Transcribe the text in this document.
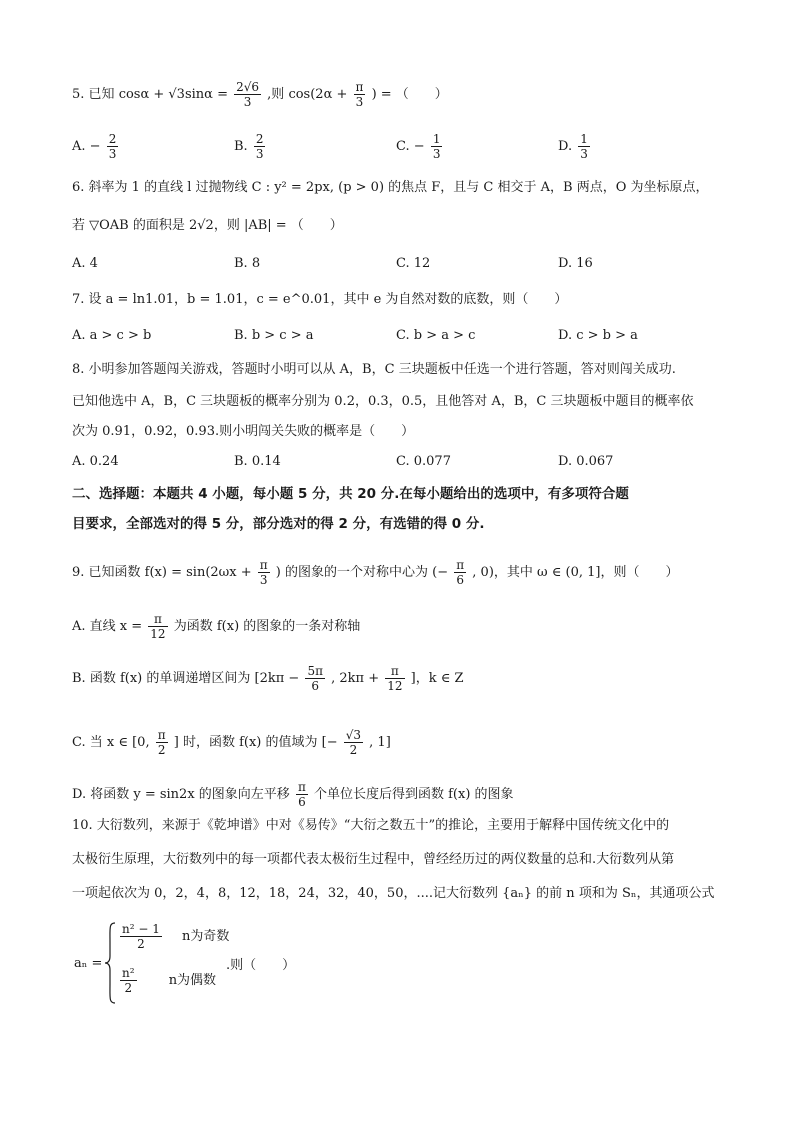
5. 已知 $\cos\alpha + √3\sin\alpha = \frac{2√6}{3}$ ,则 $\cos(2\alpha + \frac{\pi}{3}$ ) = （　　）
A. − $\frac{2}{3}$	B. $\frac{2}{3}$	C. − $\frac{1}{3}$	D. $\frac{1}{3}$
6. 斜率为 1 的直线 l 过抛物线 C : y² = 2px, (p > 0) 的焦点 F，且与 C 相交于 A，B 两点，O 为坐标原点，
若 ▽OAB 的面积是 2√2，则 |AB| = （　　）
A. 4	B. 8	C. 12	D. 16
7. 设 a = ln1.01，b = 1.01，c = e^0.01，其中 e 为自然对数的底数，则（　　）
A. a > c > b	B. b > c > a	C. b > a > c	D. c > b > a
8. 小明参加答题闯关游戏，答题时小明可以从 A，B，C 三块题板中任选一个进行答题，答对则闯关成功.
已知他选中 A，B，C 三块题板的概率分别为 0.2，0.3，0.5，且他答对 A，B，C 三块题板中题目的概率依
次为 0.91，0.92，0.93.则小明闯关失败的概率是（　　）
A. 0.24	B. 0.14	C. 0.077	D. 0.067
二、选择题：本题共 4 小题，每小题 5 分，共 20 分.在每小题给出的选项中，有多项符合题
目要求，全部选对的得 5 分，部分选对的得 2 分，有选错的得 0 分.
9. 已知函数 $f(x) = \sin(2\omega x + \frac{\pi}{3}$ ) 的图象的一个对称中心为 (− $\frac{\pi}{6}$ , 0)，其中 ω ∈ (0, 1]，则（　　）
A. 直线 $x = \frac{\pi}{12}$ 为函数 f(x) 的图象的一条对称轴
B. 函数 f(x) 的单调递增区间为 [$2k\pi - \frac{5\pi}{6}$ , $2k\pi + \frac{\pi}{12}$ ]，k ∈ Z
C. 当 x ∈ [0, $\frac{\pi}{2}$ ] 时，函数 f(x) 的值域为 [− $\frac{√3}{2}$ , 1]
D. 将函数 y = sin2x 的图象向左平移 $\frac{\pi}{6}$ 个单位长度后得到函数 f(x) 的图象
10. 大衍数列，来源于《乾坤谱》中对《易传》“大衍之数五十”的推论，主要用于解释中国传统文化中的
太极衍生原理，大衍数列中的每一项都代表太极衍生过程中，曾经经历过的两仪数量的总和.大衍数列从第
一项起依次为 0，2，4，8，12，18，24，32，40，50，....记大衍数列 {aₙ} 的前 n 项和为 Sₙ，其通项公式
aₙ =
$\frac{\text{n² − 1}}{2}$ n为奇数
$\frac{\text{n²}}{2}$ n为偶数
.则（　　）
